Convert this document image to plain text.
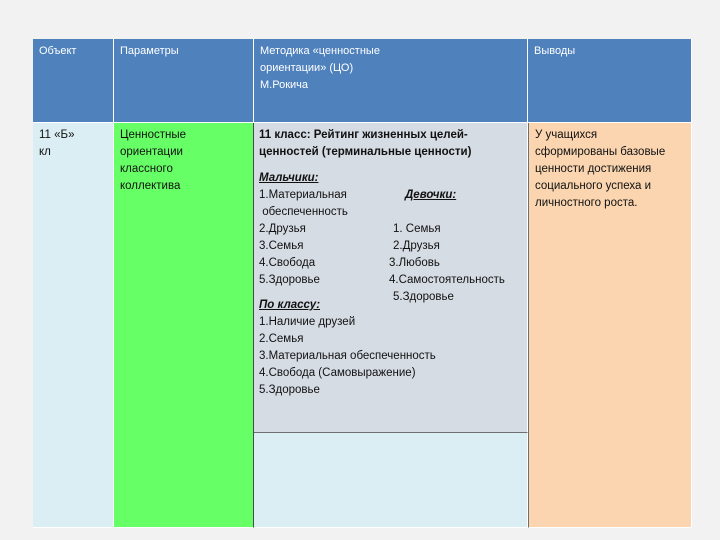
Объект	Параметры	Методика «ценностные
ориентации» (ЦО)
М.Рокича
Выводы
11 «Б»
кл
Ценностные
ориентации
классного
коллектива
11 класс: Рейтинг жизненных целей-
ценностей (терминальные ценности)
Мальчики:
1.Материальная
обеспеченность
2.Друзья
3.Семья
4.Свобода
5.Здоровье

Девочки:

1. Семья
2.Друзья
3.Любовь
4.Самостоятельность
5.Здоровье
По классу:
1.Наличие друзей
2.Семья
3.Материальная обеспеченность
4.Свобода (Самовыражение)
5.Здоровье
У учащихся
сформированы базовые
ценности достижения
социального успеха и
личностного роста.
